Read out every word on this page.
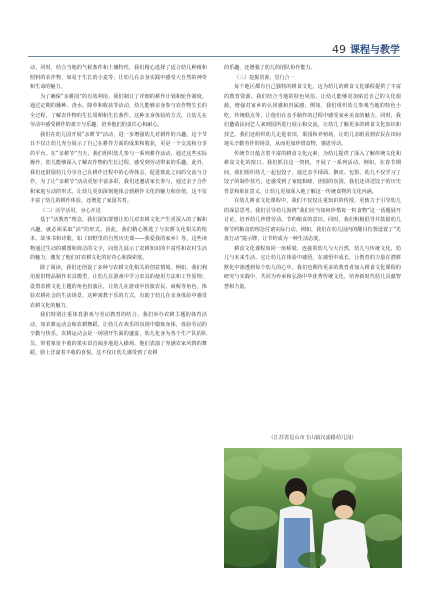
49 课程与教学

动。同时，结合当地的气候条件和土壤特性，我们精心选择了适合幼儿种植和照料的农作物，如易于生长的小麦等，让幼儿在亲身实践中感受大自然的神奇和生命的魅力。

为了确保“亲耕园”的有效利用，我们制订了详细的耕作计划和轮作制度。通过定期的播种、浇水、除草和收获等活动，幼儿能够亲身参与农作物生长的全过程，了解农作物的生长周期和生长条件。这种亲身体验的方式，让幼儿在劳动中感受耕作的艰辛与乐趣，培养他们的责任心和耐心。

我们在幼儿园开展“亲耕节”活动，进一步增强幼儿对耕作的兴趣。这个节日不仅让幼儿充分展示了自己在耕作方面的成果和收获，更是一个交流和分享的平台。在“亲耕节”当天，我们组织幼儿参与一系列耕作活动，通过这些实际操作，幼儿能够深入了解农作物的生长过程，感受到劳动带来的乐趣。此外，我们还鼓励幼儿分享自己在耕作过程中的心得体会，促进彼此之间的交流与合作。为了让“亲耕节”活动更加丰富多彩，我们还邀请家长参与，通过亲子合作和家庭互动的形式，让幼儿更加深刻地体会到耕作文化的魅力和价值，这不仅丰富了幼儿的耕作体验，还增进了家园共育。

（二）活学活用，身心并进

基于“活教育”理念，我们深知要想让幼儿对农耕文化产生更深入的了解和兴趣，就必须采取“活”的形式。因此，我们精心挑选了与农耕文化相关的绘本、故事书和诗歌，如《田野里的自然历史课——我爱我的家乡》等。这些读物通过生动的插图和简洁的文字，向幼儿展示了农耕知识的丰富性和农村生活的魅力，激发了他们对农耕文化的好奇心和探索欲。

除了阅读，我们还创设了多种与农耕文化相关的创意情境。例如，我们利用废旧物品制作农具模型，让幼儿在游戏中学习农具的使用方法和工作原理；设置农耕文化主题的角色扮演区，让幼儿在游戏中扮演农民、商贩等角色，体验农耕社会的生活场景。这种寓教于乐的方式，有助于幼儿在亲身体验中感受农耕文化的魅力。

我们特别注重体育游戏与劳动教育的结合。我们举办农耕主题的体育活动，如农耕运动会和农耕舞蹈，让幼儿在欢乐的氛围中锻炼身体，体验劳动的辛勤与快乐。农耕运动会是一场别开生面的盛宴，幼儿化身为各个生产队的队员，带着象征丰收的果实昂首阔步地进入操场，他们表演了充满农家风情的舞蹈，脸上洋溢着丰收的喜悦。这不仅让幼儿感受到了农耕

的乐趣，还增强了幼儿的团队协作能力。

（三）挖掘资源，思行合一

每个地区都有自己独特的耕食文化，这为幼儿的耕食文化课程提供了丰富的教育资源。我们结合当地的特色风俗，让幼儿能够更加贴近自己的文化根源，增强对家乡的认同感和归属感。例如，我们组织幼儿参观当地的特色小吃，传统糕点等，让他们在亲手制作的过程中感受家乡美食的魅力。同时，我们邀请民间艺人来到园所进行展示和交流，让幼儿了解更多的耕食文化知识和技艺。我们还组织幼儿走进农田，果园和养殖场，让幼儿亲眼看到农民在田间地头辛勤劳作的场景，从而更加珍惜食物，感恩劳动。

传统节日蕴含着丰富的耕食文化元素，为幼儿提供了深入了解传统文化和耕食文化的窗口。我们抓住这一契机，开展了一系列活动。例如，在春节期间，我们组织幼儿一起包饺子，通过亲手揉面、擀皮、包馅，幼儿不仅学习了饺子的制作技巧，还感受到了家庭和睦、团圆的氛围。我们还讲述饺子的历史背景和象征意义，让幼儿更加深入地了解这一传统食物的文化内涵。

在幼儿耕食文化课程中，我们不仅仅注重知识的传授，更致力于引导幼儿的深层思考。我们引导幼儿围绕“我们应当如何珍惜每一粒食物”这一话题展开讨论，培养幼儿珍惜劳动、节约粮食的意识。同时，我们积极倡导并鼓励幼儿将节约粮食的理念付诸实际行动。例如，我们在幼儿园内的醒目位置设置了“光盘行动”提示牌，让节约成为一种生活态度。

耕食文化课程如同一座桥梁，连接着幼儿与大自然，幼儿与传统文化、幼儿与未来生活。它让幼儿在体验中感悟，在感悟中成长，让教育的力量在潜移默化中渗透到每个幼儿的心中。我们也期待更多的教育者加入耕食文化课程的研究与实践中，共同为传承和弘扬中华优秀传统文化，培养新时代幼儿贡献智慧和力量。

（江苏省昆山市玉山镇汉浦路幼儿园）
